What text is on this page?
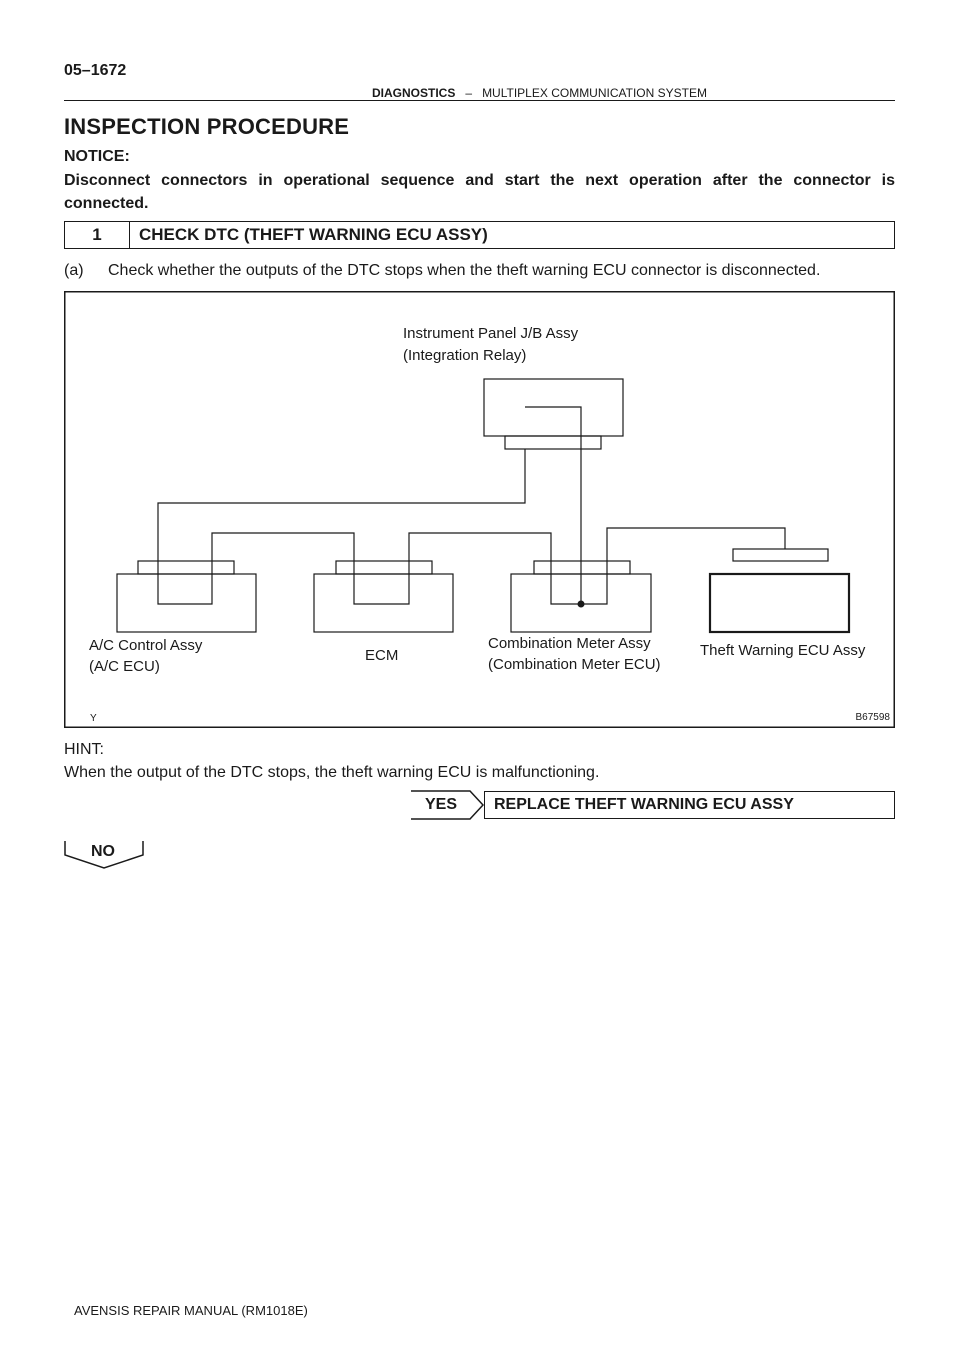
05–1672
DIAGNOSTICS – MULTIPLEX COMMUNICATION SYSTEM
INSPECTION PROCEDURE
NOTICE:
Disconnect connectors in operational sequence and start the next operation after the connector is connected.
1	CHECK DTC (THEFT WARNING ECU ASSY)
(a) Check whether the outputs of the DTC stops when the theft warning ECU connector is disconnected.
Instrument Panel J/B Assy
(Integration Relay)
A/C Control Assy
(A/C ECU)
ECM
Combination Meter Assy
(Combination Meter ECU)
Theft Warning ECU Assy
Y	B67598
HINT:
When the output of the DTC stops, the theft warning ECU is malfunctioning.
YES	REPLACE THEFT WARNING ECU ASSY
NO
AVENSIS REPAIR MANUAL (RM1018E)
